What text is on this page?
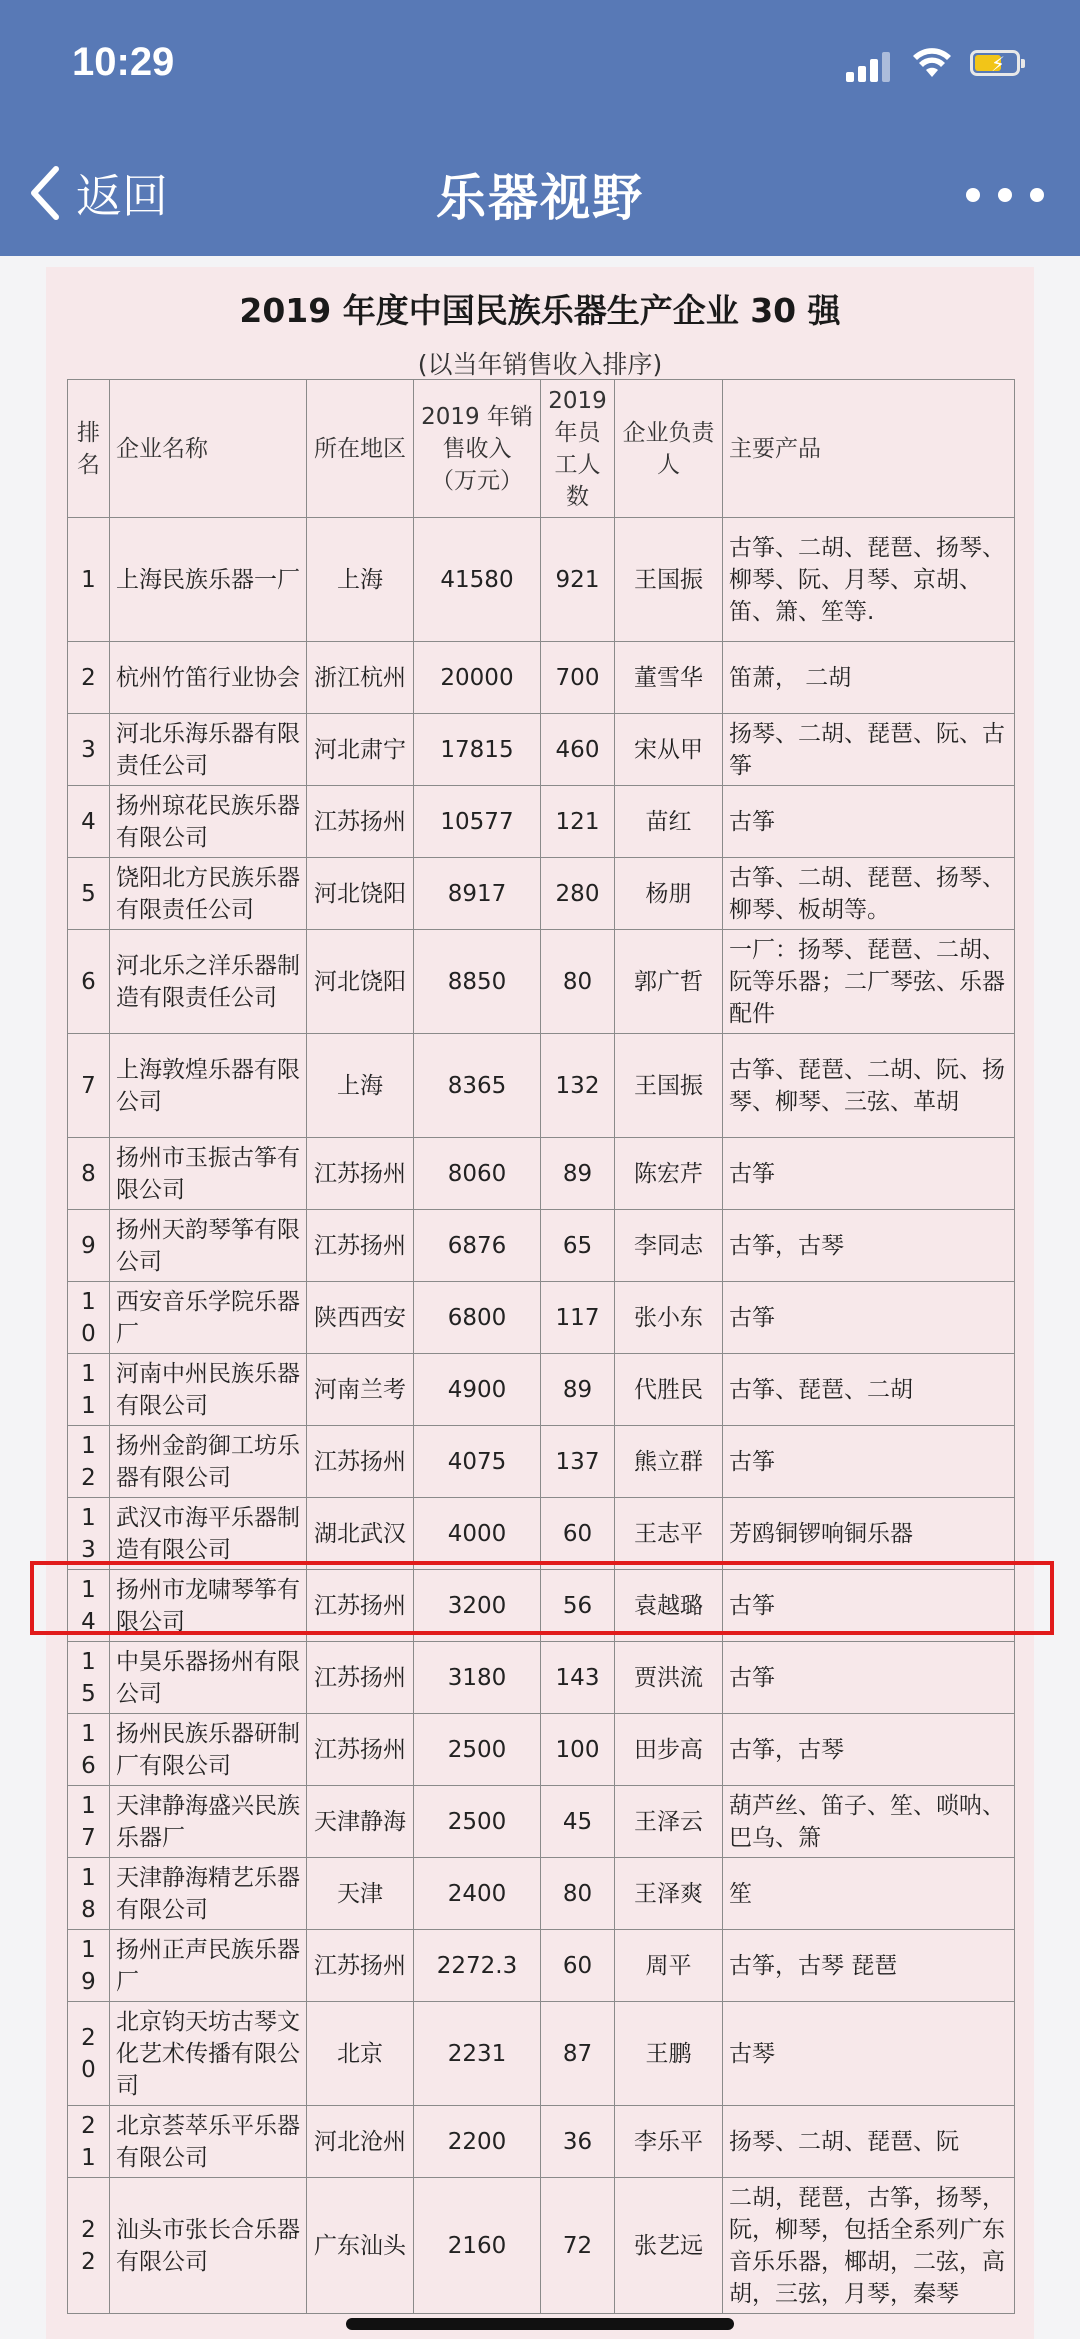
10:29	⚡
返回	乐器视野
2019 年度中国民族乐器生产企业 30 强
(以当年销售收入排序)
排名	企业名称	所在地区	2019 年销售收入（万元）	2019 年员工人数	企业负责人	主要产品
1	上海民族乐器一厂	上海	41580	921	王国振	古筝、二胡、琵琶、扬琴、柳琴、阮、月琴、京胡、笛、箫、笙等.
2	杭州竹笛行业协会	浙江杭州	20000	700	董雪华	笛萧， 二胡
3	河北乐海乐器有限责任公司	河北肃宁	17815	460	宋从甲	扬琴、二胡、琵琶、阮、古筝
4	扬州琼花民族乐器有限公司	江苏扬州	10577	121	苗红	古筝
5	饶阳北方民族乐器有限责任公司	河北饶阳	8917	280	杨朋	古筝、二胡、琵琶、扬琴、柳琴、板胡等。
6	河北乐之洋乐器制造有限责任公司	河北饶阳	8850	80	郭广哲	一厂：扬琴、琵琶、二胡、阮等乐器；二厂琴弦、乐器配件
7	上海敦煌乐器有限公司	上海	8365	132	王国振	古筝、琵琶、二胡、阮、扬琴、柳琴、三弦、革胡
8	扬州市玉振古筝有限公司	江苏扬州	8060	89	陈宏芹	古筝
9	扬州天韵琴筝有限公司	江苏扬州	6876	65	李同志	古筝，古琴
10	西安音乐学院乐器厂	陕西西安	6800	117	张小东	古筝
11	河南中州民族乐器有限公司	河南兰考	4900	89	代胜民	古筝、琵琶、二胡
12	扬州金韵御工坊乐器有限公司	江苏扬州	4075	137	熊立群	古筝
13	武汉市海平乐器制造有限公司	湖北武汉	4000	60	王志平	芳鸥铜锣响铜乐器
14	扬州市龙啸琴筝有限公司	江苏扬州	3200	56	袁越璐	古筝
15	中昊乐器扬州有限公司	江苏扬州	3180	143	贾洪流	古筝
16	扬州民族乐器研制厂有限公司	江苏扬州	2500	100	田步高	古筝，古琴
17	天津静海盛兴民族乐器厂	天津静海	2500	45	王泽云	葫芦丝、笛子、笙、唢呐、巴乌、箫
18	天津静海精艺乐器有限公司	天津	2400	80	王泽爽	笙
19	扬州正声民族乐器厂	江苏扬州	2272.3	60	周平	古筝，古琴 琵琶
20	北京钧天坊古琴文化艺术传播有限公司	北京	2231	87	王鹏	古琴
21	北京荟萃乐平乐器有限公司	河北沧州	2200	36	李乐平	扬琴、二胡、琵琶、阮
22	汕头市张长合乐器有限公司	广东汕头	2160	72	张艺远	二胡，琵琶，古筝，扬琴，阮，柳琴，包括全系列广东音乐乐器，椰胡，二弦，高胡，三弦，月琴，秦琴
